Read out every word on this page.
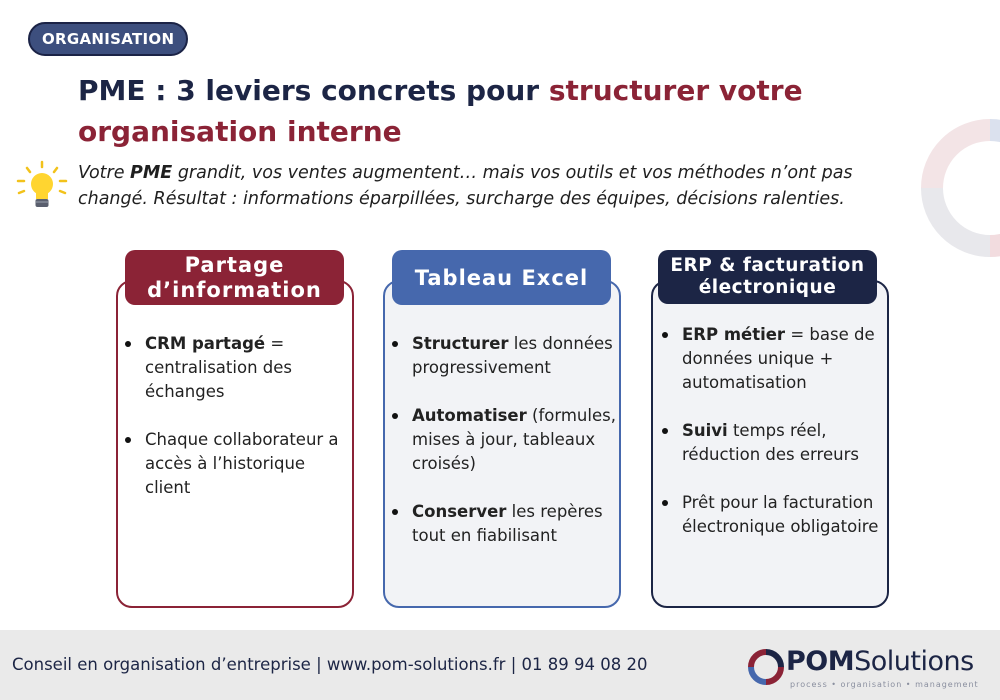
ORGANISATION
PME : 3 leviers concrets pour structurer votre
organisation interne

Votre PME grandit, vos ventes augmentent… mais vos outils et vos méthodes n’ont pas changé. Résultat : informations éparpillées, surcharge des équipes, décisions ralenties.

Partage
d’information
CRM partagé = centralisation des échanges
Chaque collaborateur a accès à l’historique client
Tableau Excel
Structurer les données progressivement
Automatiser (formules, mises à jour, tableaux croisés)
Conserver les repères tout en fiabilisant
ERP & facturation
électronique
ERP métier = base de données unique + automatisation
Suivi temps réel, réduction des erreurs
Prêt pour la facturation électronique obligatoire
Conseil en organisation d’entreprise | www.pom-solutions.fr | 01 89 94 08 20	POMSolutions
process • organisation • management
